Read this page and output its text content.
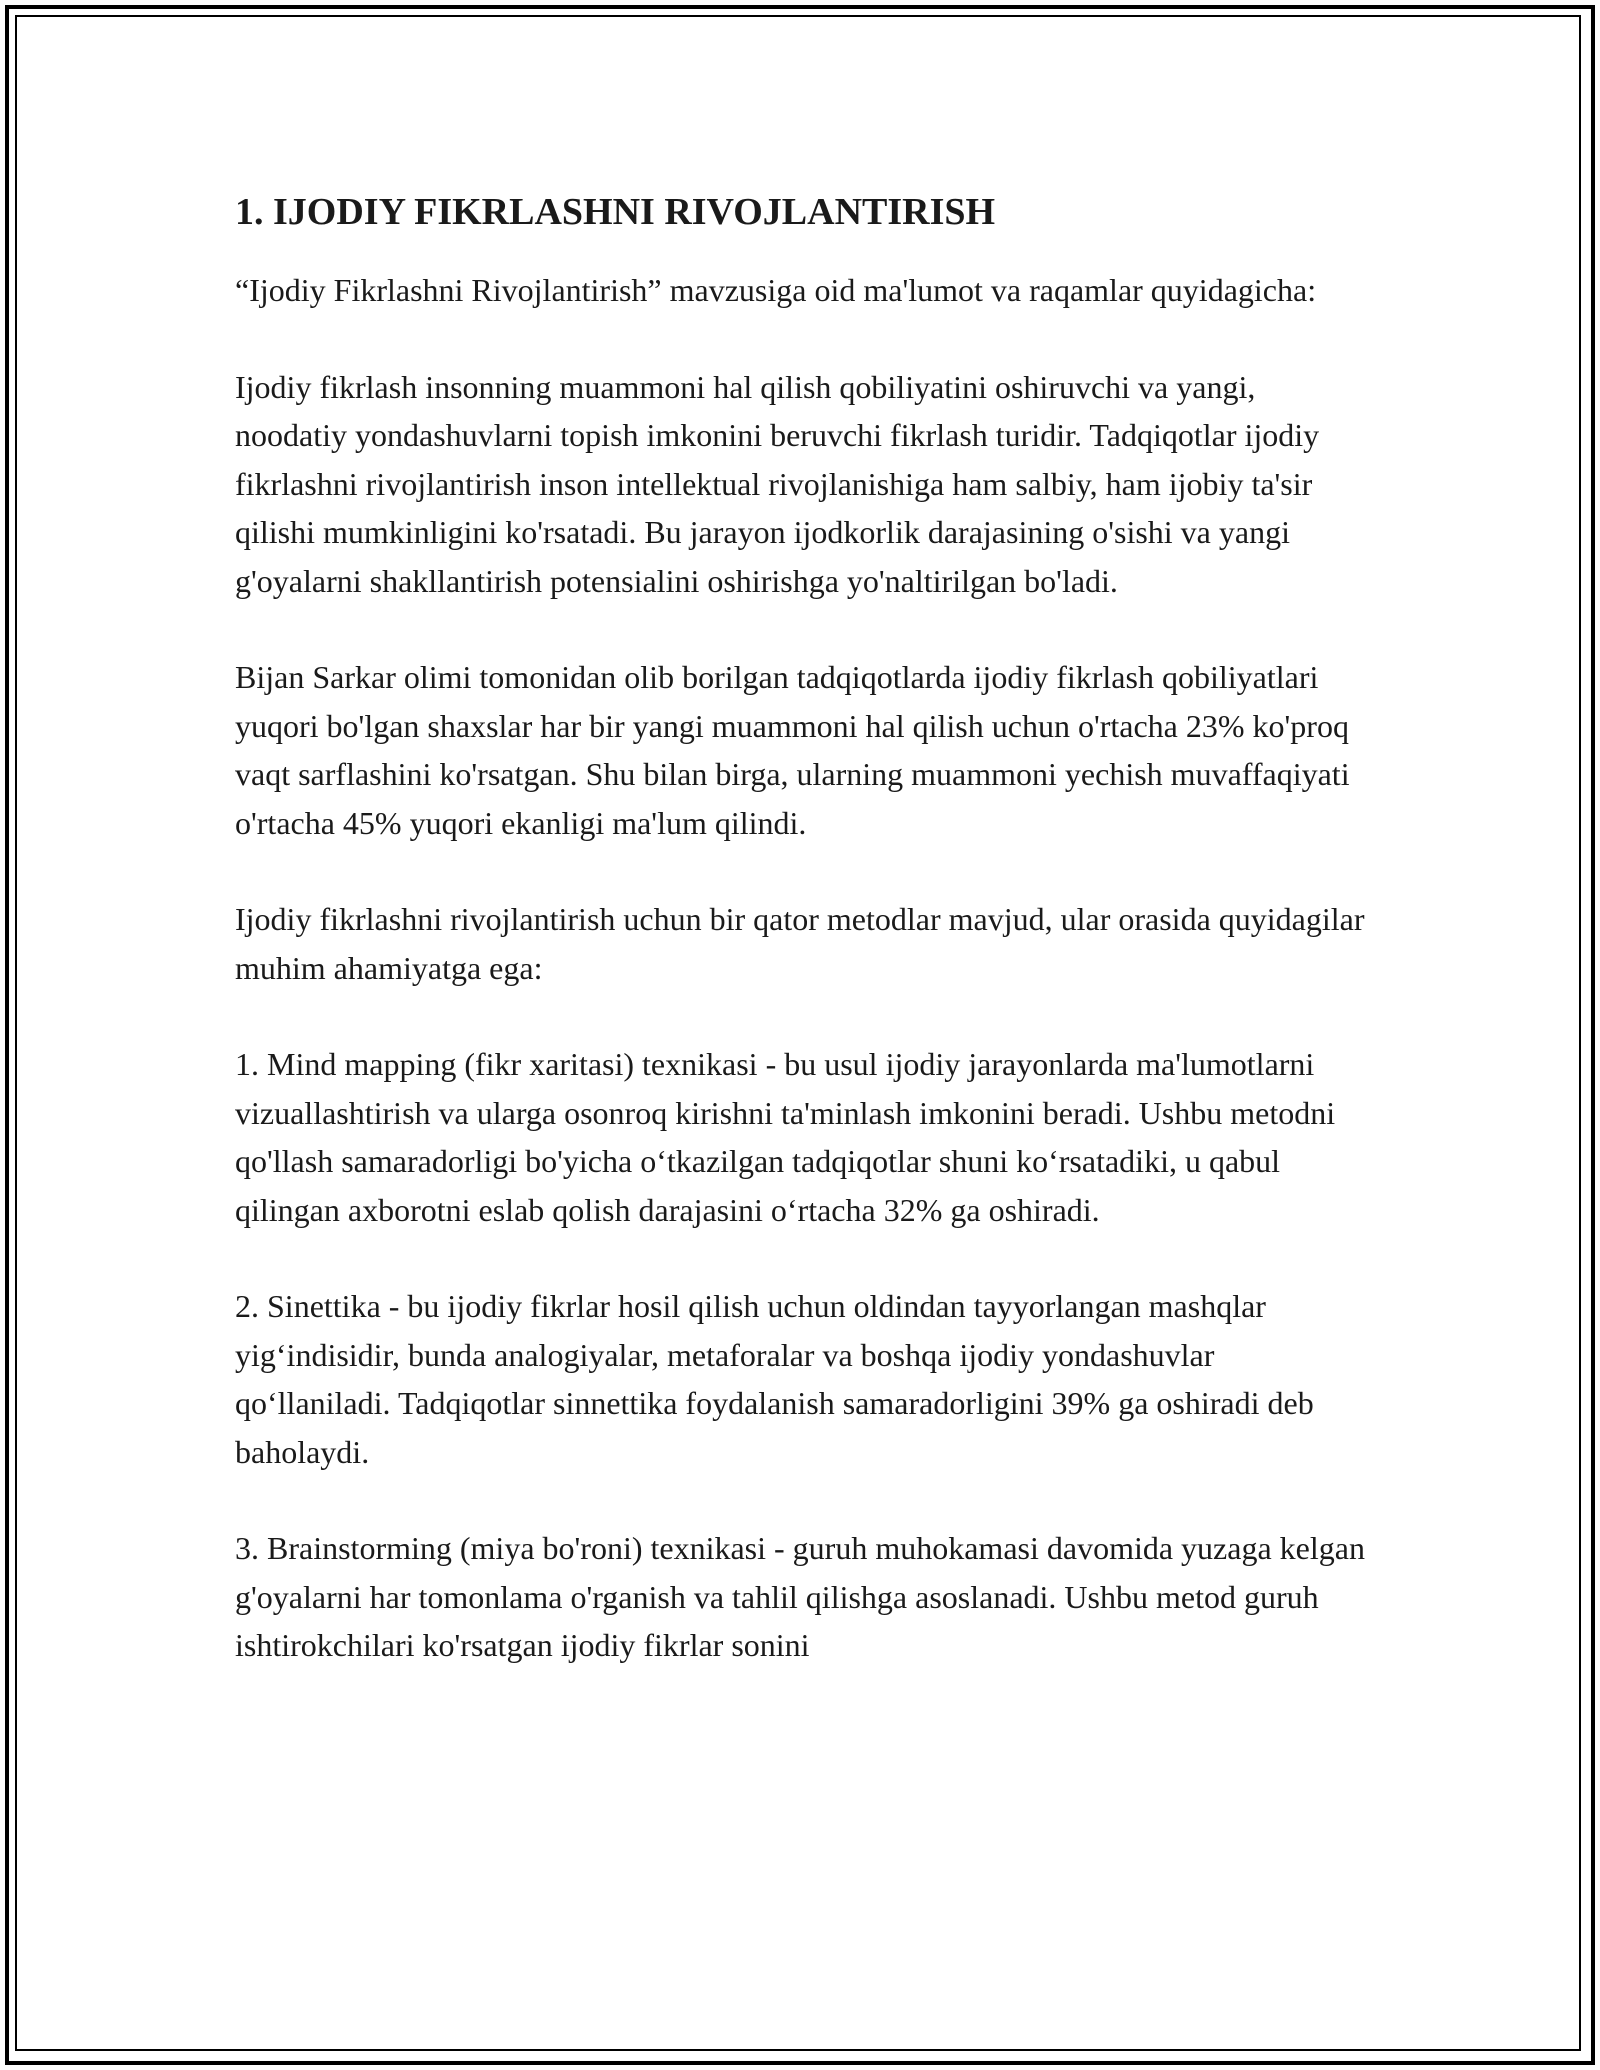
1. IJODIY FIKRLASHNI RIVOJLANTIRISH

“Ijodiy Fikrlashni Rivojlantirish” mavzusiga oid ma'lumot va raqamlar quyidagicha:

Ijodiy fikrlash insonning muammoni hal qilish qobiliyatini oshiruvchi va yangi, noodatiy yondashuvlarni topish imkonini beruvchi fikrlash turidir. Tadqiqotlar ijodiy fikrlashni rivojlantirish inson intellektual rivojlanishiga ham salbiy, ham ijobiy ta'sir qilishi mumkinligini ko'rsatadi. Bu jarayon ijodkorlik darajasining o'sishi va yangi g'oyalarni shakllantirish potensialini oshirishga yo'naltirilgan bo'ladi.

Bijan Sarkar olimi tomonidan olib borilgan tadqiqotlarda ijodiy fikrlash qobiliyatlari yuqori bo'lgan shaxslar har bir yangi muammoni hal qilish uchun o'rtacha 23% ko'proq vaqt sarflashini ko'rsatgan. Shu bilan birga, ularning muammoni yechish muvaffaqiyati o'rtacha 45% yuqori ekanligi ma'lum qilindi.

Ijodiy fikrlashni rivojlantirish uchun bir qator metodlar mavjud, ular orasida quyidagilar muhim ahamiyatga ega:

1. Mind mapping (fikr xaritasi) texnikasi - bu usul ijodiy jarayonlarda ma'lumotlarni vizuallashtirish va ularga osonroq kirishni ta'minlash imkonini beradi. Ushbu metodni qo'llash samaradorligi bo'yicha o‘tkazilgan tadqiqotlar shuni ko‘rsatadiki, u qabul qilingan axborotni eslab qolish darajasini o‘rtacha 32% ga oshiradi.

2. Sinettika - bu ijodiy fikrlar hosil qilish uchun oldindan tayyorlangan mashqlar yig‘indisidir, bunda analogiyalar, metaforalar va boshqa ijodiy yondashuvlar qo‘llaniladi. Tadqiqotlar sinnettika foydalanish samaradorligini 39% ga oshiradi deb baholaydi.

3. Brainstorming (miya bo'roni) texnikasi - guruh muhokamasi davomida yuzaga kelgan g'oyalarni har tomonlama o'rganish va tahlil qilishga asoslanadi. Ushbu metod guruh ishtirokchilari ko'rsatgan ijodiy fikrlar sonini
